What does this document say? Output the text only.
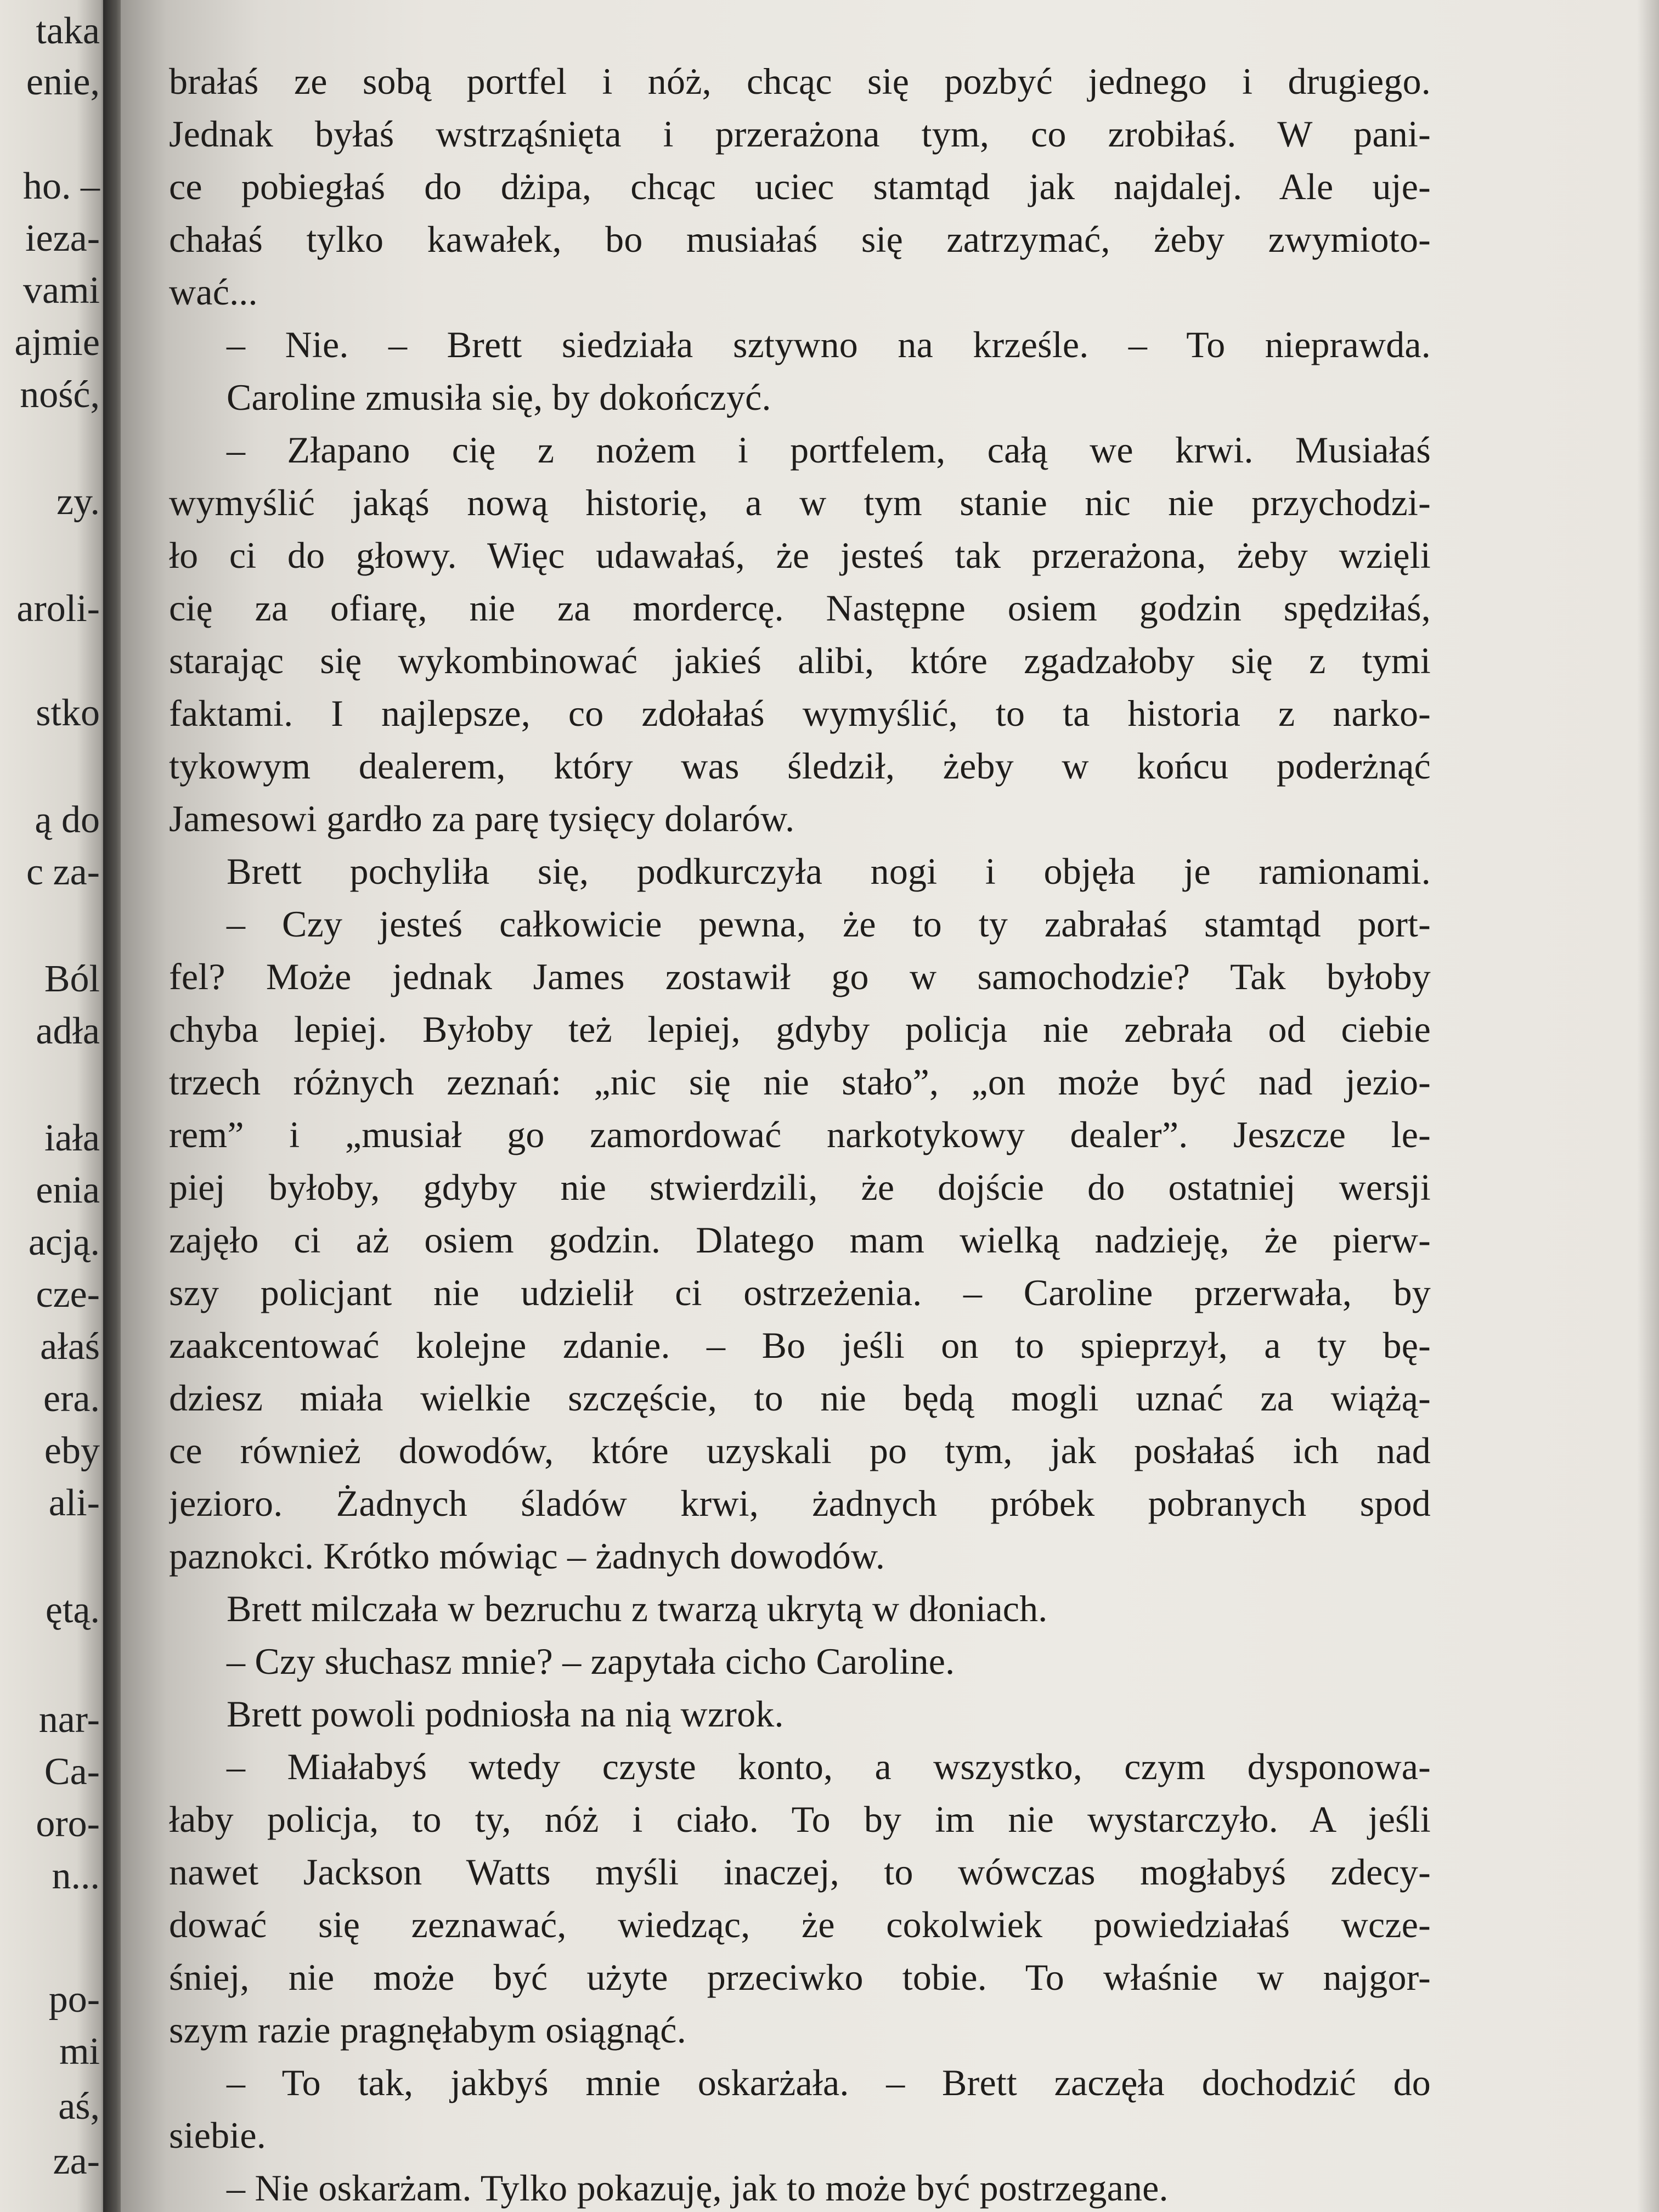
taka
enie,
ho. –
ieza-
vami
ajmie
ność,
zy.
aroli-
stko
ą do
c za-
Ból
adła
iała
enia
acją.
cze-
ałaś
era.
eby
ali-
ętą.
nar-
Ca-
oro-
n...
po-
mi
aś,
za-
brałaś ze sobą portfel i nóż, chcąc się pozbyć jednego i drugiego.
Jednak byłaś wstrząśnięta i przerażona tym, co zrobiłaś. W pani-
ce pobiegłaś do dżipa, chcąc uciec stamtąd jak najdalej. Ale uje-
chałaś tylko kawałek, bo musiałaś się zatrzymać, żeby zwymioto-
wać...
– Nie. – Brett siedziała sztywno na krześle. – To nieprawda.
Caroline zmusiła się, by dokończyć.
– Złapano cię z nożem i portfelem, całą we krwi. Musiałaś
wymyślić jakąś nową historię, a w tym stanie nic nie przychodzi-
ło ci do głowy. Więc udawałaś, że jesteś tak przerażona, żeby wzięli
cię za ofiarę, nie za mordercę. Następne osiem godzin spędziłaś,
starając się wykombinować jakieś alibi, które zgadzałoby się z tymi
faktami. I najlepsze, co zdołałaś wymyślić, to ta historia z narko-
tykowym dealerem, który was śledził, żeby w końcu poderżnąć
Jamesowi gardło za parę tysięcy dolarów.
Brett pochyliła się, podkurczyła nogi i objęła je ramionami.
– Czy jesteś całkowicie pewna, że to ty zabrałaś stamtąd port-
fel? Może jednak James zostawił go w samochodzie? Tak byłoby
chyba lepiej. Byłoby też lepiej, gdyby policja nie zebrała od ciebie
trzech różnych zeznań: „nic się nie stało”, „on może być nad jezio-
rem” i „musiał go zamordować narkotykowy dealer”. Jeszcze le-
piej byłoby, gdyby nie stwierdzili, że dojście do ostatniej wersji
zajęło ci aż osiem godzin. Dlatego mam wielką nadzieję, że pierw-
szy policjant nie udzielił ci ostrzeżenia. – Caroline przerwała, by
zaakcentować kolejne zdanie. – Bo jeśli on to spieprzył, a ty bę-
dziesz miała wielkie szczęście, to nie będą mogli uznać za wiążą-
ce również dowodów, które uzyskali po tym, jak posłałaś ich nad
jezioro. Żadnych śladów krwi, żadnych próbek pobranych spod
paznokci. Krótko mówiąc – żadnych dowodów.
Brett milczała w bezruchu z twarzą ukrytą w dłoniach.
– Czy słuchasz mnie? – zapytała cicho Caroline.
Brett powoli podniosła na nią wzrok.
– Miałabyś wtedy czyste konto, a wszystko, czym dysponowa-
łaby policja, to ty, nóż i ciało. To by im nie wystarczyło. A jeśli
nawet Jackson Watts myśli inaczej, to wówczas mogłabyś zdecy-
dować się zeznawać, wiedząc, że cokolwiek powiedziałaś wcze-
śniej, nie może być użyte przeciwko tobie. To właśnie w najgor-
szym razie pragnęłabym osiągnąć.
– To tak, jakbyś mnie oskarżała. – Brett zaczęła dochodzić do
siebie.
– Nie oskarżam. Tylko pokazuję, jak to może być postrzegane.
